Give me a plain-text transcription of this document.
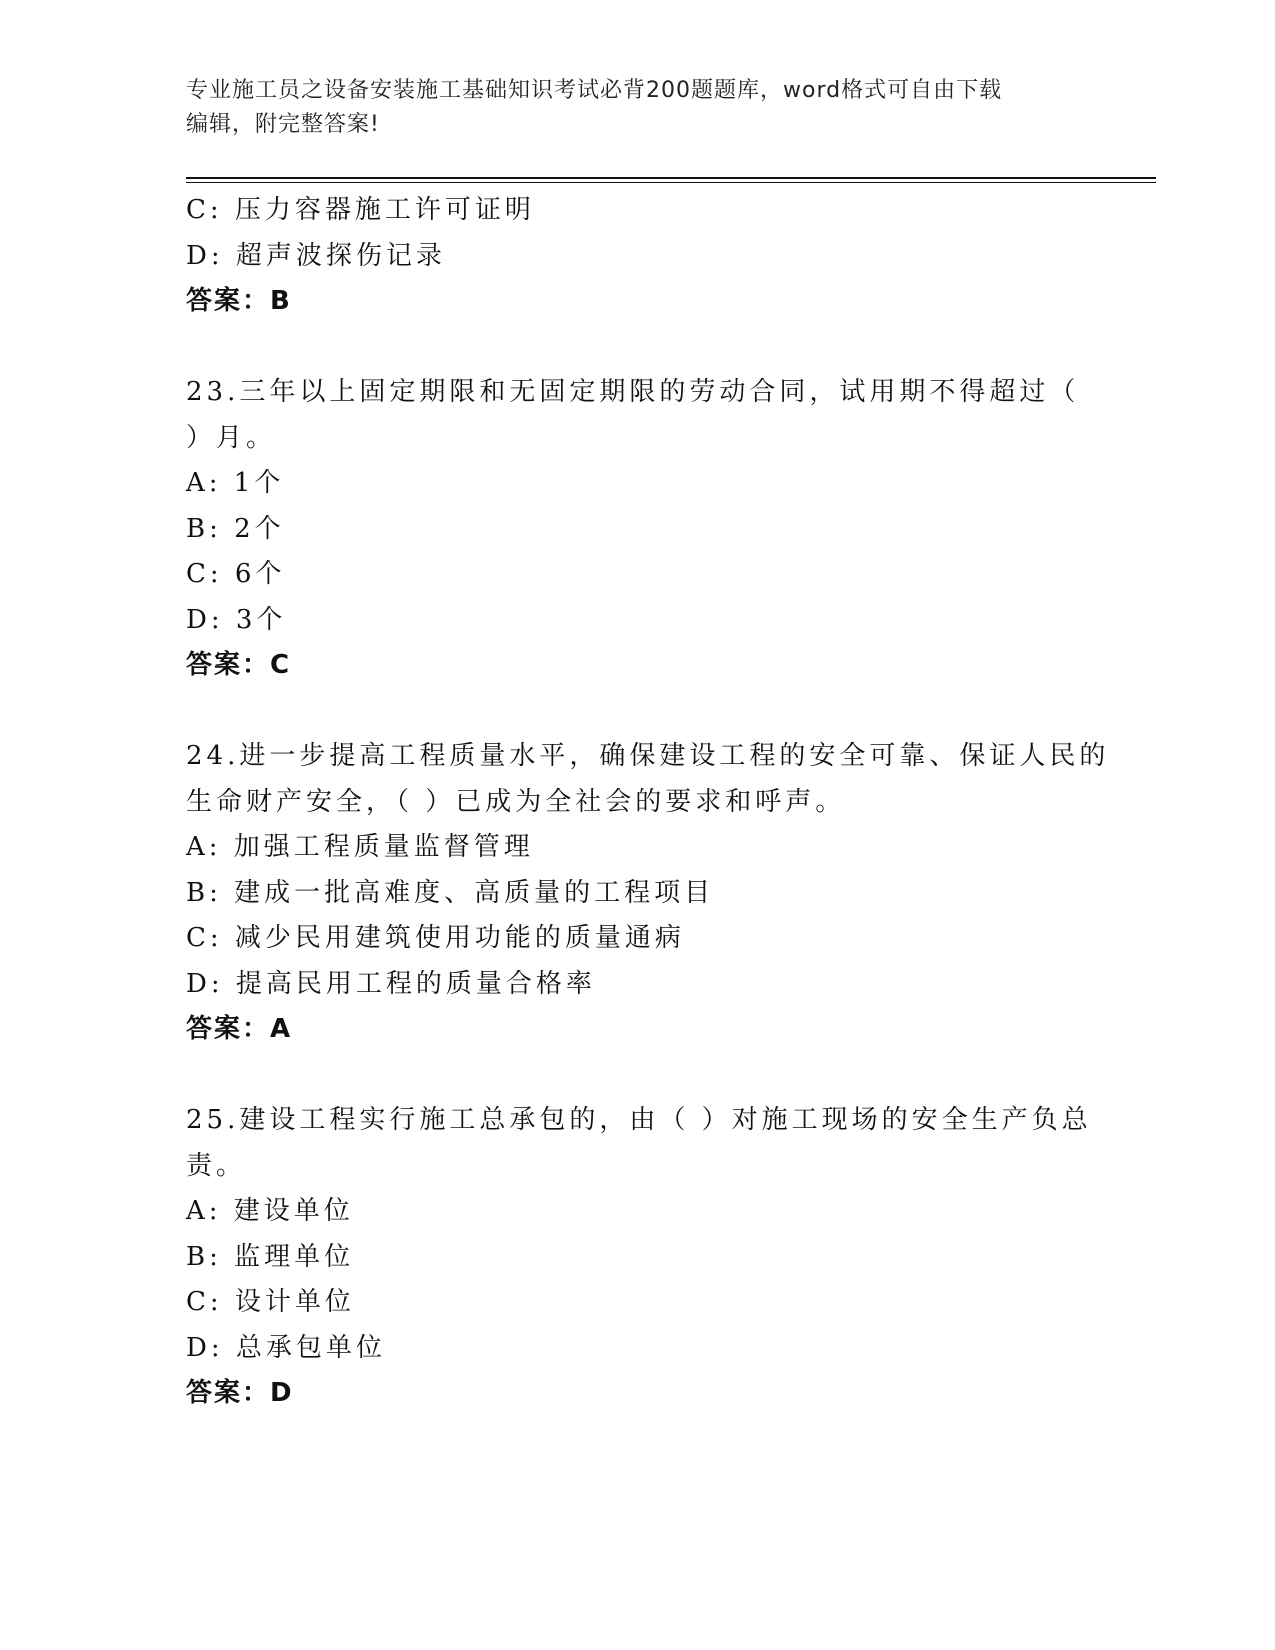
专业施工员之设备安装施工基础知识考试必背200题题库，word格式可自由下载
编辑，附完整答案!
C: 压力容器施工许可证明
D: 超声波探伤记录
答案：B
23.三年以上固定期限和无固定期限的劳动合同，试用期不得超过（
）月。
A: 1个
B: 2个
C: 6个
D: 3个
答案：C
24.进一步提高工程质量水平，确保建设工程的安全可靠、保证人民的
生命财产安全，（ ）已成为全社会的要求和呼声。
A: 加强工程质量监督管理
B: 建成一批高难度、高质量的工程项目
C: 减少民用建筑使用功能的质量通病
D: 提高民用工程的质量合格率
答案：A
25.建设工程实行施工总承包的，由（ ）对施工现场的安全生产负总
责。
A: 建设单位
B: 监理单位
C: 设计单位
D: 总承包单位
答案：D
